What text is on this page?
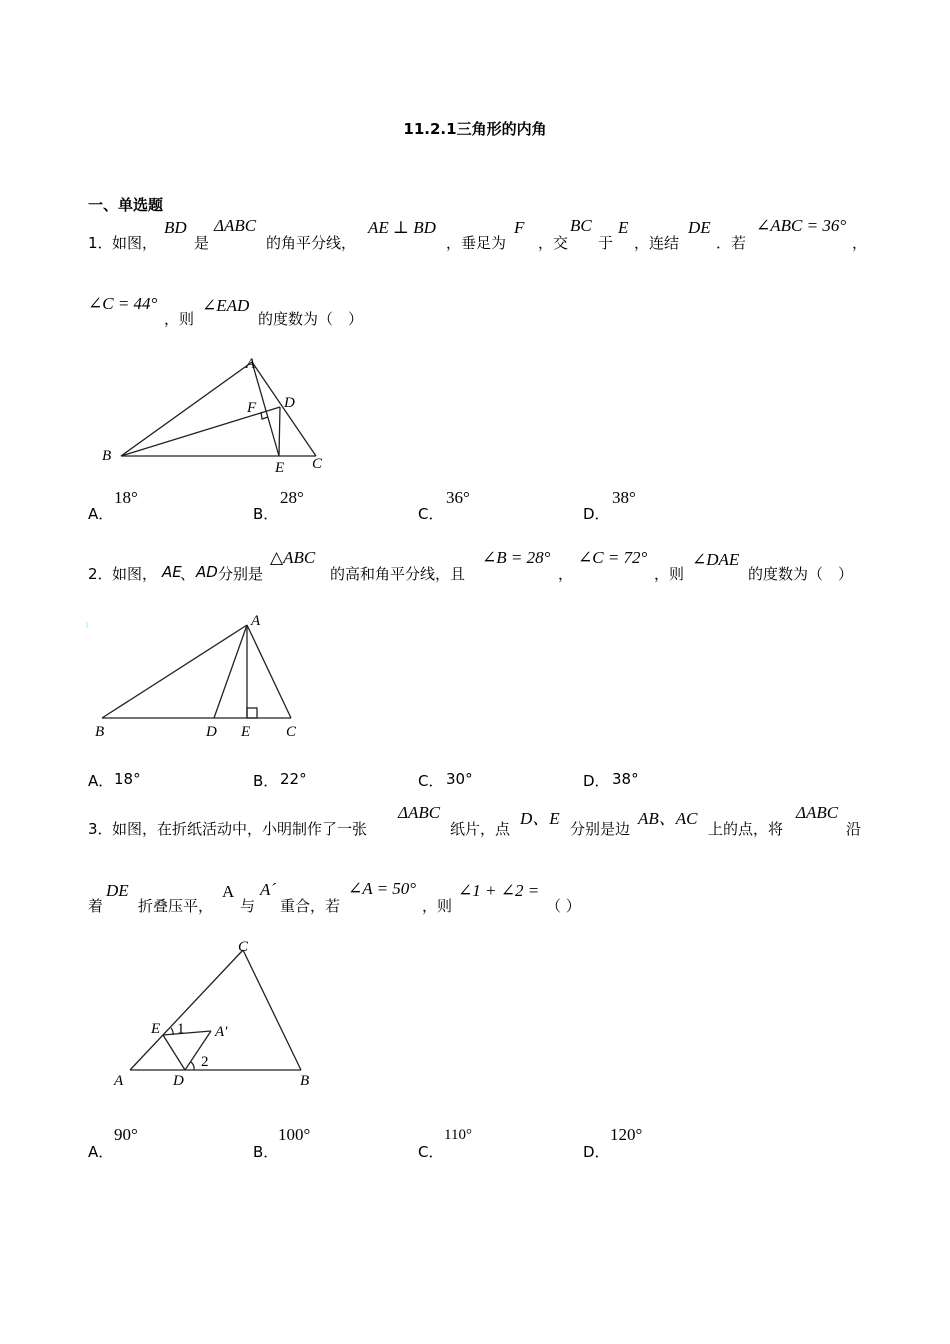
11.2.1三角形的内角
一、单选题
1． 如图，
BD
是
ΔABC
的角平分线，
AE ⊥ BD
，垂足为
F
，交
BC
于
E
，连结
DE
．若
∠ABC = 36°
，
∠C = 44°
，则
∠EAD
的度数为（　）
A
B	C
D
E
F
A．
18°
B．
28°
C．
36°
D．
38°
2． 如图， AE
、 AD 分别是
△ABC
的高和角平分线，且
∠B = 28°
，
∠C = 72°
，则
∠DAE
的度数为（　）
A
B	C
D E
A． 18°	B． 22°	C． 30°	D． 38°
3． 如图，在折纸活动中，小明制作了一张
ΔABC
纸片，点
D、E
分别是边
AB、AC
上的点，将
ΔABC
沿
着
DE
折叠压平，
A
与
A´
重合，若
∠A = 50°
，则
∠1 + ∠2 =
（ ）
C
E 1 A′
2
A	D	B
A．
90°
B．
100°
C．
110°
D．
120°
